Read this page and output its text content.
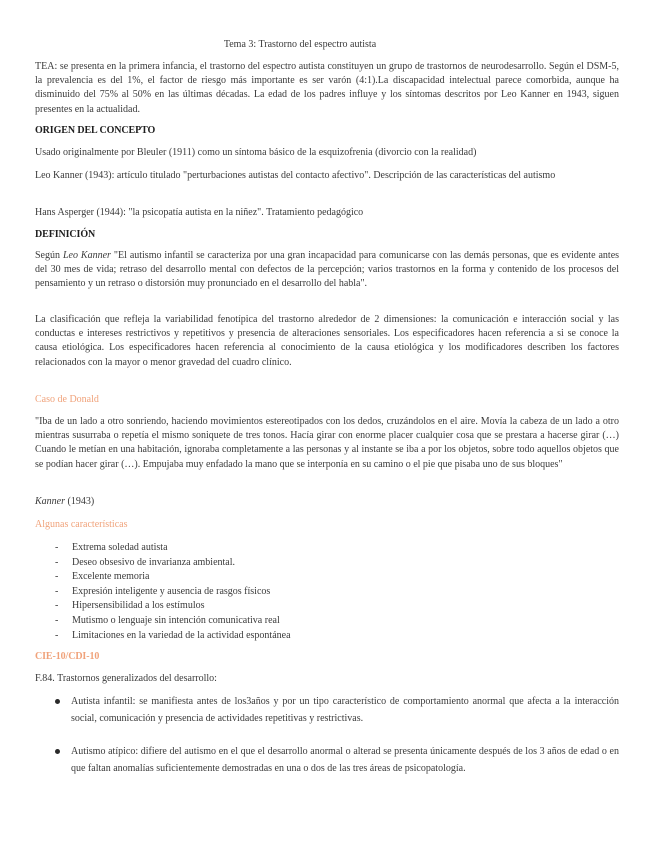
Tema 3: Trastorno del espectro autista

TEA: se presenta en la primera infancia, el trastorno del espectro autista constituyen un grupo de trastornos de neurodesarrollo. Según el DSM-5, la prevalencia es del 1%, el factor de riesgo más importante es ser varón (4:1).La discapacidad intelectual parece comorbida, aunque ha disminuido del 75% al 50% en las últimas décadas. La edad de los padres influye y los síntomas descritos por Leo Kanner en 1943, siguen presentes en la actualidad.

ORIGEN DEL CONCEPTO

Usado originalmente por Bleuler (1911) como un síntoma básico de la esquizofrenia (divorcio con la realidad)

Leo Kanner (1943): artículo titulado "perturbaciones autistas del contacto afectivo". Descripción de las características del autismo

Hans Asperger (1944): "la psicopatía autista en la niñez". Tratamiento pedagógico

DEFINICIÓN

Según Leo Kanner "El autismo infantil se caracteriza por una gran incapacidad para comunicarse con las demás personas, que es evidente antes del 30 mes de vida; retraso del desarrollo mental con defectos de la percepción; varios trastornos en la forma y contenido de los procesos del pensamiento y un retraso o distorsión muy pronunciado en el desarrollo del habla".

La clasificación que refleja la variabilidad fenotípica del trastorno alrededor de 2 dimensiones: la comunicación e interacción social y las conductas e intereses restrictivos y repetitivos y presencia de alteraciones sensoriales. Los especificadores hacen referencia a si se conoce la causa etiológica. Los especificadores hacen referencia al conocimiento de la causa etiológica y los modificadores describen los factores relacionados con la mayor o menor gravedad del cuadro clínico.

Caso de Donald

"Iba de un lado a otro sonriendo, haciendo movimientos estereotipados con los dedos, cruzándolos en el aire. Movía la cabeza de un lado a otro mientras susurraba o repetía el mismo soniquete de tres tonos. Hacía girar con enorme placer cualquier cosa que se prestara a hacerse girar (…) Cuando le metían en una habitación, ignoraba completamente a las personas y al instante se iba a por los objetos, sobre todo aquellos objetos que se podían hacer girar (…). Empujaba muy enfadado la mano que se interponía en su camino o el pie que pisaba uno de sus bloques"

Kanner (1943)

Algunas características

- Extrema soledad autista
- Deseo obsesivo de invarianza ambiental.
- Excelente memoria
- Expresión inteligente y ausencia de rasgos físicos
- Hipersensibilidad a los estímulos
- Mutismo o lenguaje sin intención comunicativa real
- Limitaciones en la variedad de la actividad espontánea

CIE-10/CDI-10

F.84. Trastornos generalizados del desarrollo:

Autista infantil: se manifiesta antes de los3años y por un tipo característico de comportamiento anormal que afecta a la interacción social, comunicación y presencia de actividades repetitivas y restrictivas.
Autismo atípico: difiere del autismo en el que el desarrollo anormal o alterad se presenta únicamente después de los 3 años de edad o en que faltan anomalías suficientemente demostradas en una o dos de las tres áreas de psicopatología.
